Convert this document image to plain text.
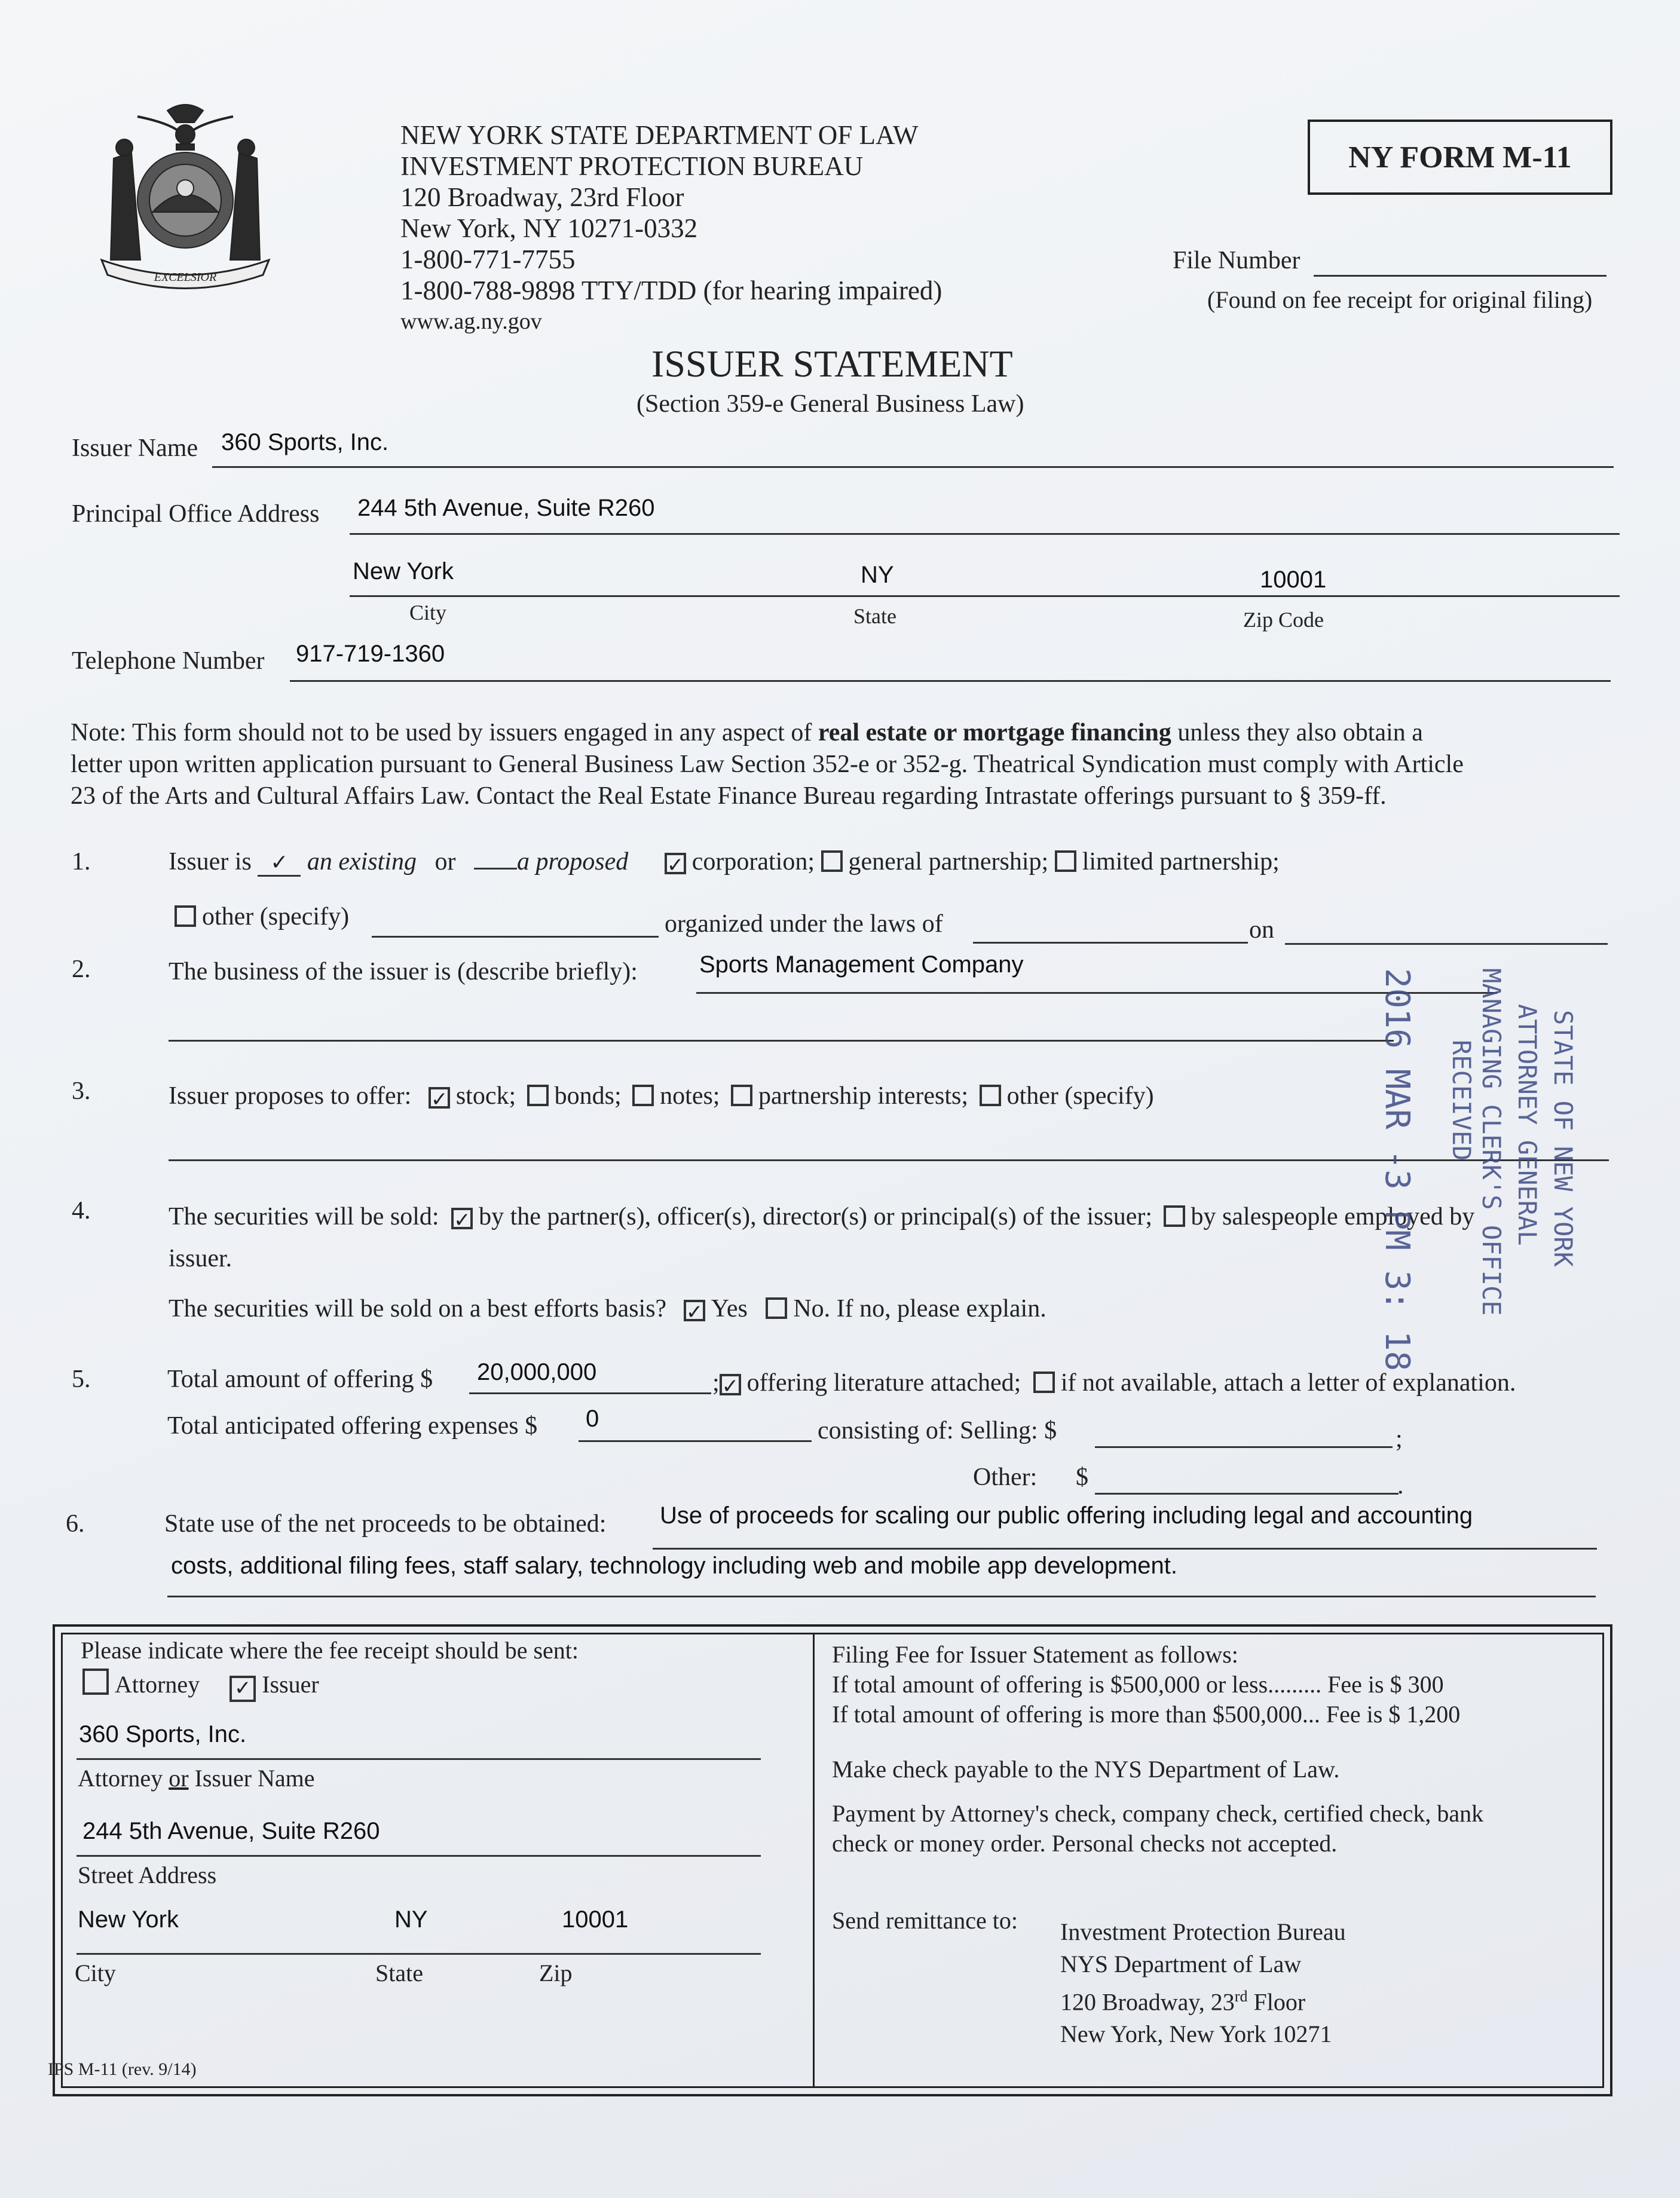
EXCELSIOR
NEW YORK STATE DEPARTMENT OF LAW
INVESTMENT PROTECTION BUREAU
120 Broadway, 23rd Floor
New York, NY 10271-0332
1-800-771-7755
1-800-788-9898 TTY/TDD (for hearing impaired)
www.ag.ny.gov
NY FORM M-11
File Number
(Found on fee receipt for original filing)
ISSUER STATEMENT
(Section 359-e General Business Law)
Issuer Name 360 Sports, Inc.
Principal Office Address 244 5th Avenue, Suite R260
New York	NY	10001
City	State	Zip Code
Telephone Number 917-719-1360
Note: This form should not to be used by issuers engaged in any aspect of real estate or mortgage financing unless they also obtain a
letter upon written application pursuant to General Business Law Section 352-e or 352-g. Theatrical Syndication must comply with Article
23 of the Arts and Cultural Affairs Law. Contact the Real Estate Finance Bureau regarding Intrastate offerings pursuant to § 359-ff.
1.	Issuer is ✓ an existing or a proposed ✓ corporation; general partnership; limited partnership;
other (specify)	organized under the laws of	on
2.	The business of the issuer is (describe briefly):	Sports Management Company
3.	Issuer proposes to offer: ✓ stock; bonds; notes; partnership interests; other (specify)
4.	The securities will be sold: ✓ by the partner(s), officer(s), director(s) or principal(s) of the issuer; by salespeople employed by
issuer.
The securities will be sold on a best efforts basis? ✓ Yes No. If no, please explain.
5.	Total amount of offering $ 20,000,000	; ✓ offering literature attached; if not available, attach a letter of explanation.
Total anticipated offering expenses $ 0	consisting of: Selling: $	;
Other: $	.
6.	State use of the net proceeds to be obtained: Use of proceeds for scaling our public offering including legal and accounting
costs, additional filing fees, staff salary, technology including web and mobile app development.
Please indicate where the fee receipt should be sent:
Attorney ✓ Issuer
360 Sports, Inc.
Attorney or Issuer Name
244 5th Avenue, Suite R260
Street Address
New York	NY	10001
City	State	Zip
Filing Fee for Issuer Statement as follows:
If total amount of offering is $500,000 or less......... Fee is $ 300
If total amount of offering is more than $500,000... Fee is $ 1,200
Make check payable to the NYS Department of Law.
Payment by Attorney's check, company check, certified check, bank
check or money order. Personal checks not accepted.
Send remittance to: Investment Protection Bureau
NYS Department of Law
120 Broadway, 23rd Floor
New York, New York 10271
IPS M-11 (rev. 9/14)
2016 MAR -3 PM 3: 18	STATE OF NEW YORK
ATTORNEY GENERAL
MANAGING CLERK'S OFFICE
RECEIVED
